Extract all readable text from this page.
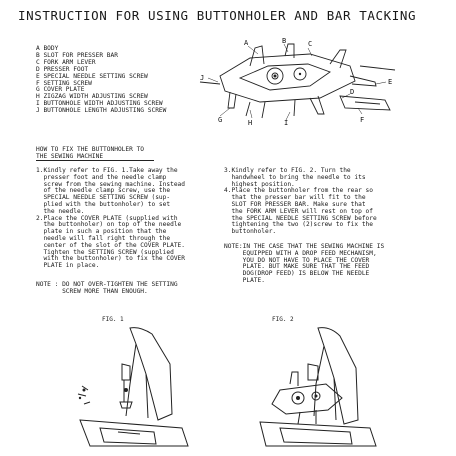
INSTRUCTION FOR USING BUTTONHOLER AND BAR TACKING
A BODY
B SLOT FOR PRESSER BAR
C FORK ARM LEVER
D PRESSER FOOT
E SPECIAL NEEDLE SETTING SCREW
F SETTING SCREW
G COVER PLATE
H ZIGZAG WIDTH ADJUSTING SCREW
I BUTTONHOLE WIDTH ADJUSTING SCREW
J BUTTONHOLE LENGTH ADJUSTING SCREW
A	B	C
D
E
F
G	H	I
J
HOW TO FIX THE BUTTONHOLER TO
THE SEWING MACHINE

1.Kindly refer to FIG. 1.Take away the

presser foot and the needle clamp

screw from the sewing machine. Instead

of the needle clamp screw, use the

SPECIAL NEEDLE SETTING SCREW (sup-

plied with the buttonholer) to set

the needle.

2.Place the COVER PLATE (supplied with

the buttonholer) on top of the needle

plate in such a position that the

needle will fall right through the

center of the slot of the COVER PLATE.

Tighten the SETTING SCREW (supplied

with the buttonholer) to fix the COVER

PLATE in place.

NOTE : DO NOT OVER-TIGHTEN THE SETTING

SCREW MORE THAN ENOUGH.

3.Kindly refer to FIG. 2. Turn the

handwheel to bring the needle to its

highest position.

4.Place the buttonholer from the rear so

that the presser bar will fit to the

SLOT FOR PRESSER BAR. Make sure that

the FORK ARM LEVER will rest on top of

the SPECIAL NEEDLE SETTING SCREW before

tightening the two (2)screw to fix the

buttonholer.

NOTE:IN THE CASE THAT THE SEWING MACHINE IS

EQUIPPED WITH A DROP FEED MECHANISM,

YOU DO NOT HAVE TO PLACE THE COVER

PLATE. BUT MAKE SURE THAT THE FEED

DOG(DROP FEED) IS BELOW THE NEEDLE

PLATE.

FIG. 1	FIG. 2
